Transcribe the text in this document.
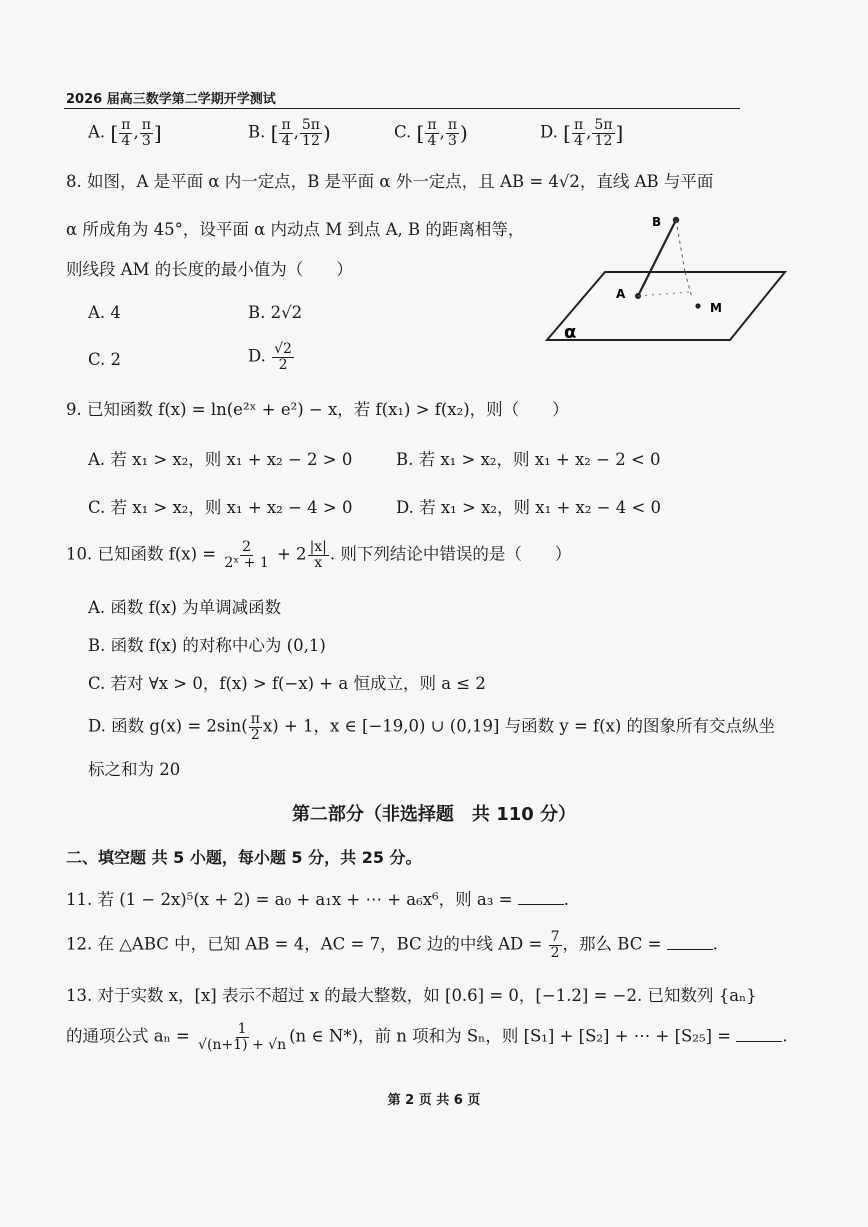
2026 届高三数学第二学期开学测试
A. [ $\frac{\pi}{4}$ , $\frac{\pi}{3}$ ]	B. [ $\frac{\pi}{4}$ , $\frac{5\pi}{12}$ )	C. [ $\frac{\pi}{4}$ , $\frac{\pi}{3}$ )	D. [ $\frac{\pi}{4}$ , $\frac{5\pi}{12}$ ]
8. 如图，A 是平面 α 内一定点，B 是平面 α 外一定点，且 AB = 4√2，直线 AB 与平面
α 所成角为 45°，设平面 α 内动点 M 到点 A, B 的距离相等，
则线段 AM 的长度的最小值为（　　）
A. 4	B. 2√2
C. 2	D. $\frac{√2}{2}$
B
A
M
α
9. 已知函数 f(x) = ln(e²ˣ + e²) − x，若 f(x₁) > f(x₂)，则（　　）
A. 若 x₁ > x₂，则 x₁ + x₂ − 2 > 0	B. 若 x₁ > x₂，则 x₁ + x₂ − 2 < 0
C. 若 x₁ > x₂，则 x₁ + x₂ − 4 > 0	D. 若 x₁ > x₂，则 x₁ + x₂ − 4 < 0
10. 已知函数 $f(x) = \frac{2}{\text{2ˣ + 1}} + 2 \frac{|x|}{x}$ . 则下列结论中错误的是（　　）
A. 函数 f(x) 为单调减函数
B. 函数 f(x) 的对称中心为 (0,1)
C. 若对 ∀x > 0，f(x) > f(−x) + a 恒成立，则 a ≤ 2
D. 函数 $g(x) = 2\sin( \frac{\pi}{2} x) + 1$，x ∈ [−19,0) ∪ (0,19] 与函数 y = f(x) 的图象所有交点纵坐
标之和为 20
第二部分（非选择题　共 110 分）
二、填空题 共 5 小题，每小题 5 分，共 25 分。
11. 若 (1 − 2x)⁵(x + 2) = a₀ + a₁x + ⋯ + a₆x⁶，则 a₃ =	.
12. 在 △ABC 中，已知 AB = 4，AC = 7，BC 边的中线 AD = $\frac{7}{2}$ ，那么 BC =	.
13. 对于实数 x，[x] 表示不超过 x 的最大整数，如 [0.6] = 0，[−1.2] = −2. 已知数列 {aₙ}
的通项公式 $a_n = \frac{1}{√(n+1) + √n} (n$ ∈ N*)，前 n 项和为 Sₙ，则 [S₁] + [S₂] + ⋯ + [S₂₅] =	.
第 2 页 共 6 页
